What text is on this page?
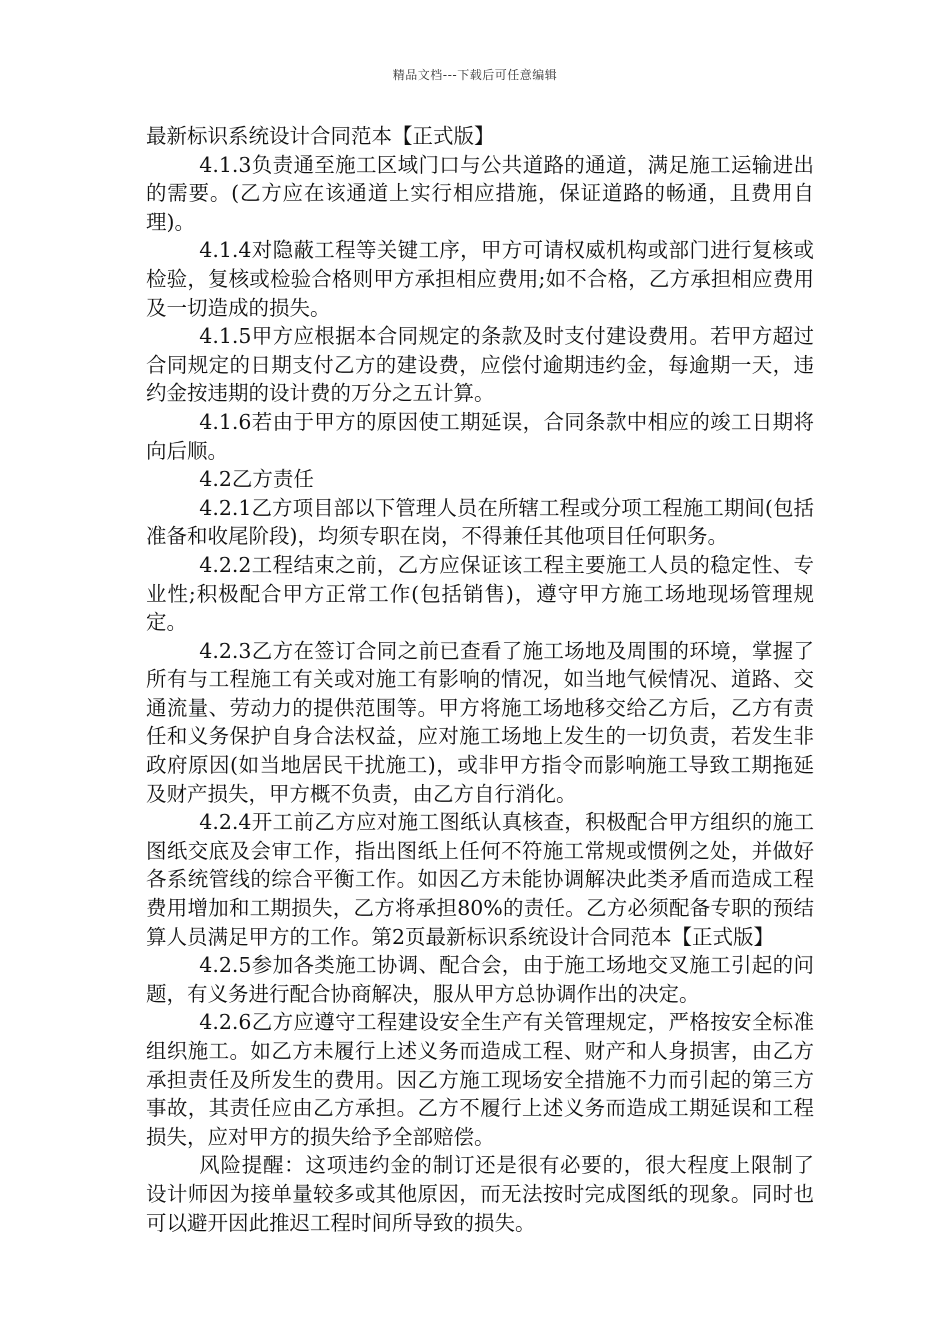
精品文档---下载后可任意编辑

最新标识系统设计合同范本【正式版】

4.1.3负责通至施工区域门口与公共道路的通道，满足施工运输进出的需要。(乙方应在该通道上实行相应措施，保证道路的畅通，且费用自理)。

4.1.4对隐蔽工程等关键工序，甲方可请权威机构或部门进行复核或检验，复核或检验合格则甲方承担相应费用;如不合格，乙方承担相应费用及一切造成的损失。

4.1.5甲方应根据本合同规定的条款及时支付建设费用。若甲方超过合同规定的日期支付乙方的建设费，应偿付逾期违约金，每逾期一天，违约金按违期的设计费的万分之五计算。

4.1.6若由于甲方的原因使工期延误，合同条款中相应的竣工日期将向后顺。

4.2乙方责任

4.2.1乙方项目部以下管理人员在所辖工程或分项工程施工期间(包括准备和收尾阶段)，均须专职在岗，不得兼任其他项目任何职务。

4.2.2工程结束之前，乙方应保证该工程主要施工人员的稳定性、专业性;积极配合甲方正常工作(包括销售)，遵守甲方施工场地现场管理规定。

4.2.3乙方在签订合同之前已查看了施工场地及周围的环境，掌握了所有与工程施工有关或对施工有影响的情况，如当地气候情况、道路、交通流量、劳动力的提供范围等。甲方将施工场地移交给乙方后，乙方有责任和义务保护自身合法权益，应对施工场地上发生的一切负责，若发生非政府原因(如当地居民干扰施工)，或非甲方指令而影响施工导致工期拖延及财产损失，甲方概不负责，由乙方自行消化。

4.2.4开工前乙方应对施工图纸认真核查，积极配合甲方组织的施工图纸交底及会审工作，指出图纸上任何不符施工常规或惯例之处，并做好各系统管线的综合平衡工作。如因乙方未能协调解决此类矛盾而造成工程费用增加和工期损失，乙方将承担80%的责任。乙方必须配备专职的预结算人员满足甲方的工作。第2页最新标识系统设计合同范本【正式版】

4.2.5参加各类施工协调、配合会，由于施工场地交叉施工引起的问题，有义务进行配合协商解决，服从甲方总协调作出的决定。

4.2.6乙方应遵守工程建设安全生产有关管理规定，严格按安全标准组织施工。如乙方未履行上述义务而造成工程、财产和人身损害，由乙方承担责任及所发生的费用。因乙方施工现场安全措施不力而引起的第三方事故，其责任应由乙方承担。乙方不履行上述义务而造成工期延误和工程损失，应对甲方的损失给予全部赔偿。

风险提醒：这项违约金的制订还是很有必要的，很大程度上限制了设计师因为接单量较多或其他原因，而无法按时完成图纸的现象。同时也可以避开因此推迟工程时间所导致的损失。
